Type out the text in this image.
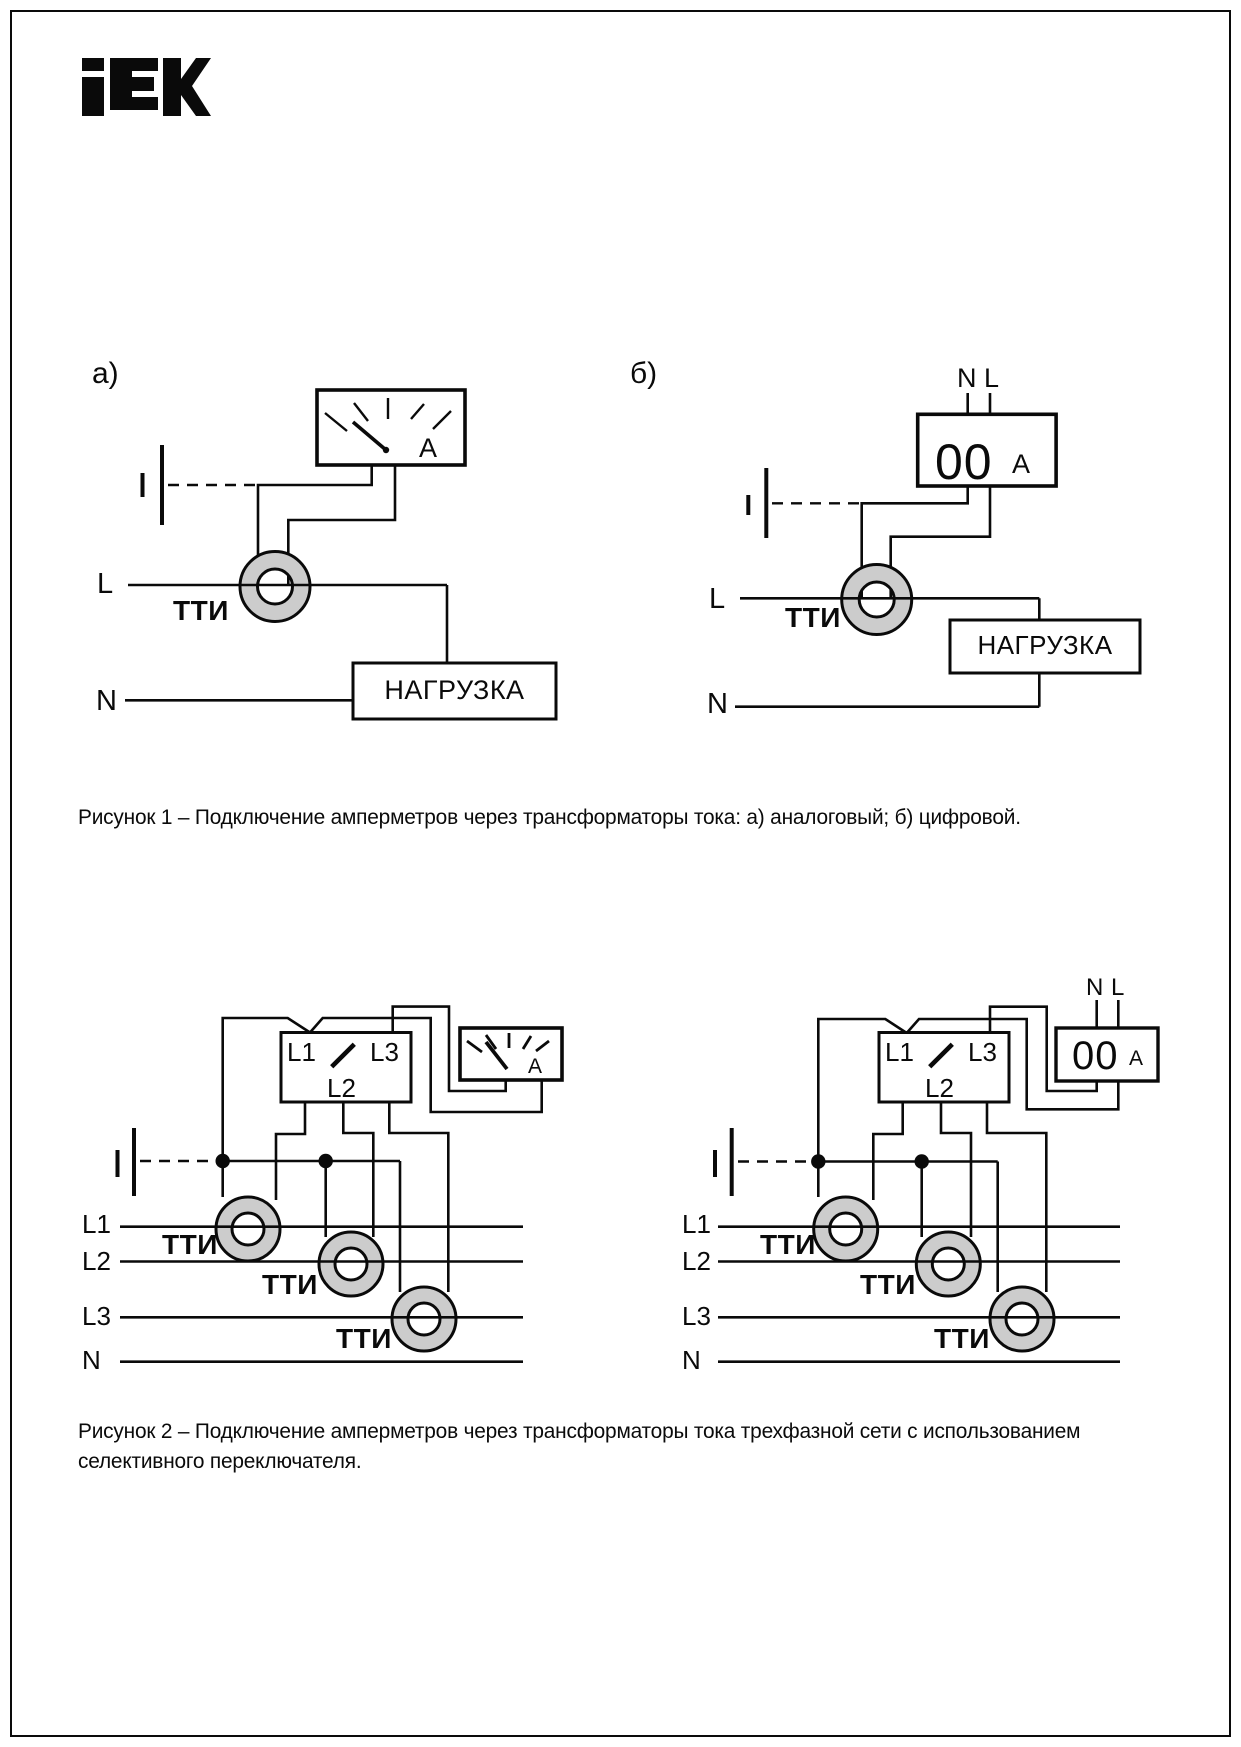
а)
А
L
ТТИ
N	НАГРУЗКА
б)	N L
00 А
L
ТТИ
N
НАГРУЗКА
Рисунок 1 – Подключение амперметров через трансформаторы тока: а) аналоговый; б) цифровой.
L1 L3
L2
А
L1
L2
L3
N
ТТИ
ТТИ
ТТИ
N L
L1 L3
L2
00 А
L1
L2
L3
N
ТТИ
ТТИ
ТТИ
Рисунок 2 – Подключение амперметров через трансформаторы тока трехфазной сети с использованием
селективного переключателя.
